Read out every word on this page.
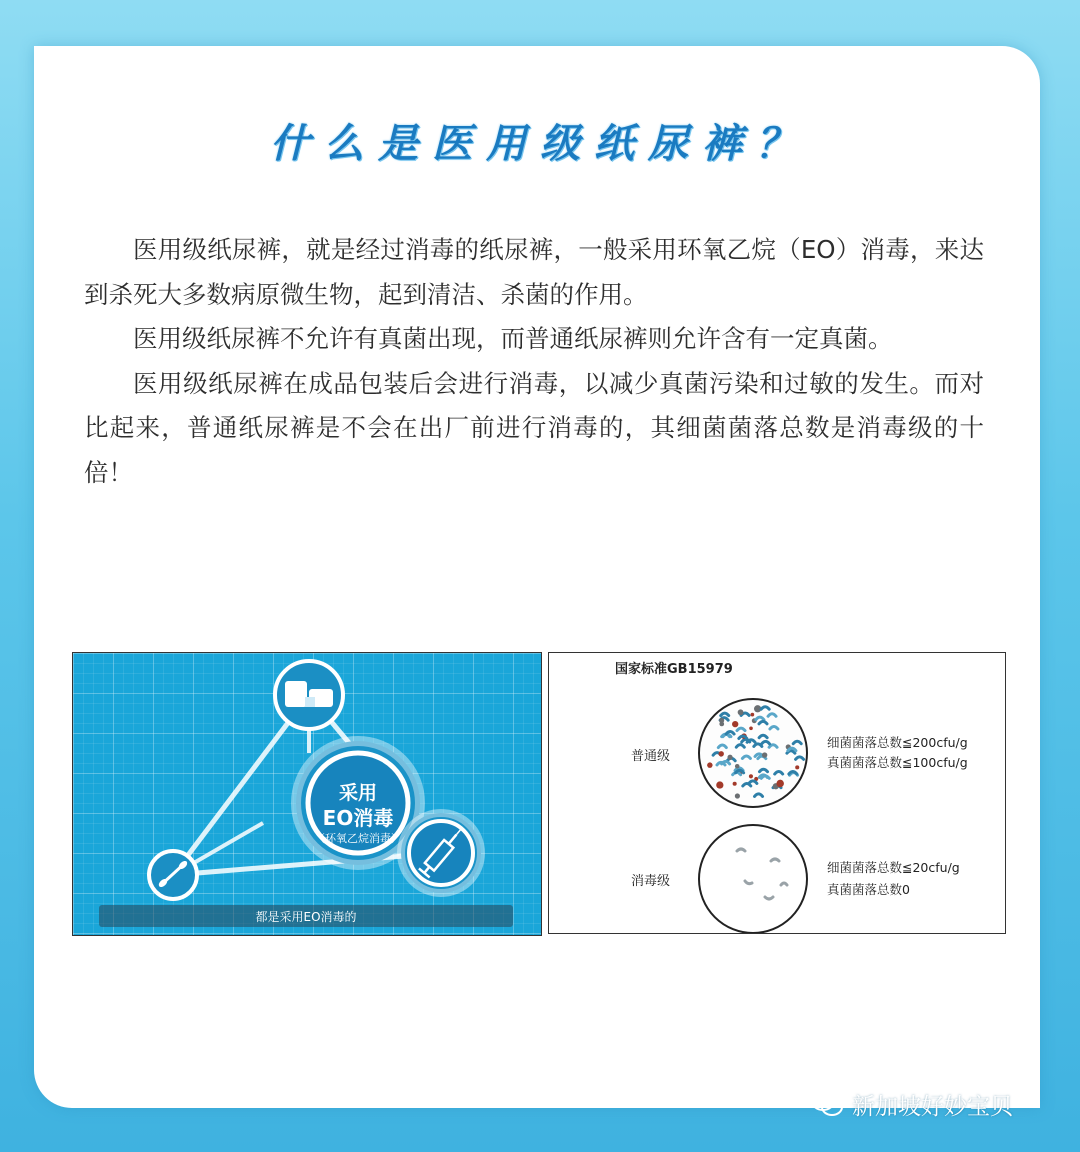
什么是医用级纸尿裤？

医用级纸尿裤，就是经过消毒的纸尿裤，一般采用环氧乙烷（EO）消毒，来达到杀死大多数病原微生物，起到清洁、杀菌的作用。

医用级纸尿裤不允许有真菌出现，而普通纸尿裤则允许含有一定真菌。

医用级纸尿裤在成品包装后会进行消毒，以减少真菌污染和过敏的发生。而对比起来，普通纸尿裤是不会在出厂前进行消毒的，其细菌菌落总数是消毒级的十倍！

采用
EO消毒
（环氧乙烷消毒）
都是采用EO消毒的
国家标准GB15979
普通级
细菌菌落总数≦200cfu/g
真菌菌落总数≦100cfu/g
消毒级
细菌菌落总数≦20cfu/g
真菌菌落总数0
新加坡好妙宝贝
